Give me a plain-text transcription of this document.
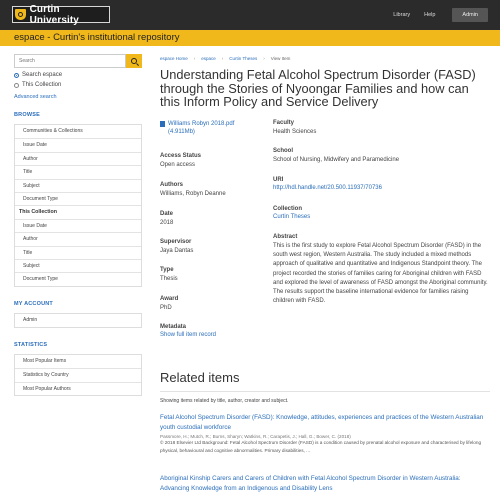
Curtin University	Library	Help	Admin
espace - Curtin's institutional repository
Search
Search espace
This Collection
Advanced search
BROWSE
Communities & Collections
Issue Date
Author
Title
Subject
Document Type
This Collection
Issue Date
Author
Title
Subject
Document Type
MY ACCOUNT
Admin
STATISTICS
Most Popular Items
Statistics by Country
Most Popular Authors
espace Home › espace › Curtin Theses › View Item
Understanding Fetal Alcohol Spectrum Disorder (FASD) through the Stories of Nyoongar Families and how can this Inform Policy and Service Delivery
Williams Robyn 2018.pdf
(4.911Mb)
Access Status
Open access
Authors
Williams, Robyn Deanne
Date
2018
Supervisor
Jaya Dantas
Type
Thesis
Award
PhD
Metadata
Show full item record
Faculty
Health Sciences
School
School of Nursing, Midwifery and Paramedicine
URI
http://hdl.handle.net/20.500.11937/70736
Collection
Curtin Theses
Abstract
This is the first study to explore Fetal Alcohol Spectrum Disorder (FASD) in the south west region, Western Australia. The study included a mixed methods approach of qualitative and quantitative and Indigenous Standpoint theory. The project recorded the stories of families caring for Aboriginal children with FASD and explored the level of awareness of FASD amongst the Aboriginal community. The results support the baseline international evidence for families raising children with FASD.
Related items
Showing items related by title, author, creator and subject.
Fetal Alcohol Spectrum Disorder (FASD): Knowledge, attitudes, experiences and practices of the Western Australian youth custodial workforce
Passmore, H.; Mutch, R.; Burns, Sharyn; Watkins, R.; Carapetis, J.; Hall, G.; Bower, C. (2018)
© 2018 Elsevier Ltd Background: Fetal Alcohol Spectrum Disorder (FASD) is a condition caused by prenatal alcohol exposure and characterised by lifelong physical, behavioural and cognitive abnormalities. Primary disabilities, ...
Aboriginal Kinship Carers and Carers of Children with Fetal Alcohol Spectrum Disorder in Western Australia: Advancing Knowledge from an Indigenous and Disability Lens
